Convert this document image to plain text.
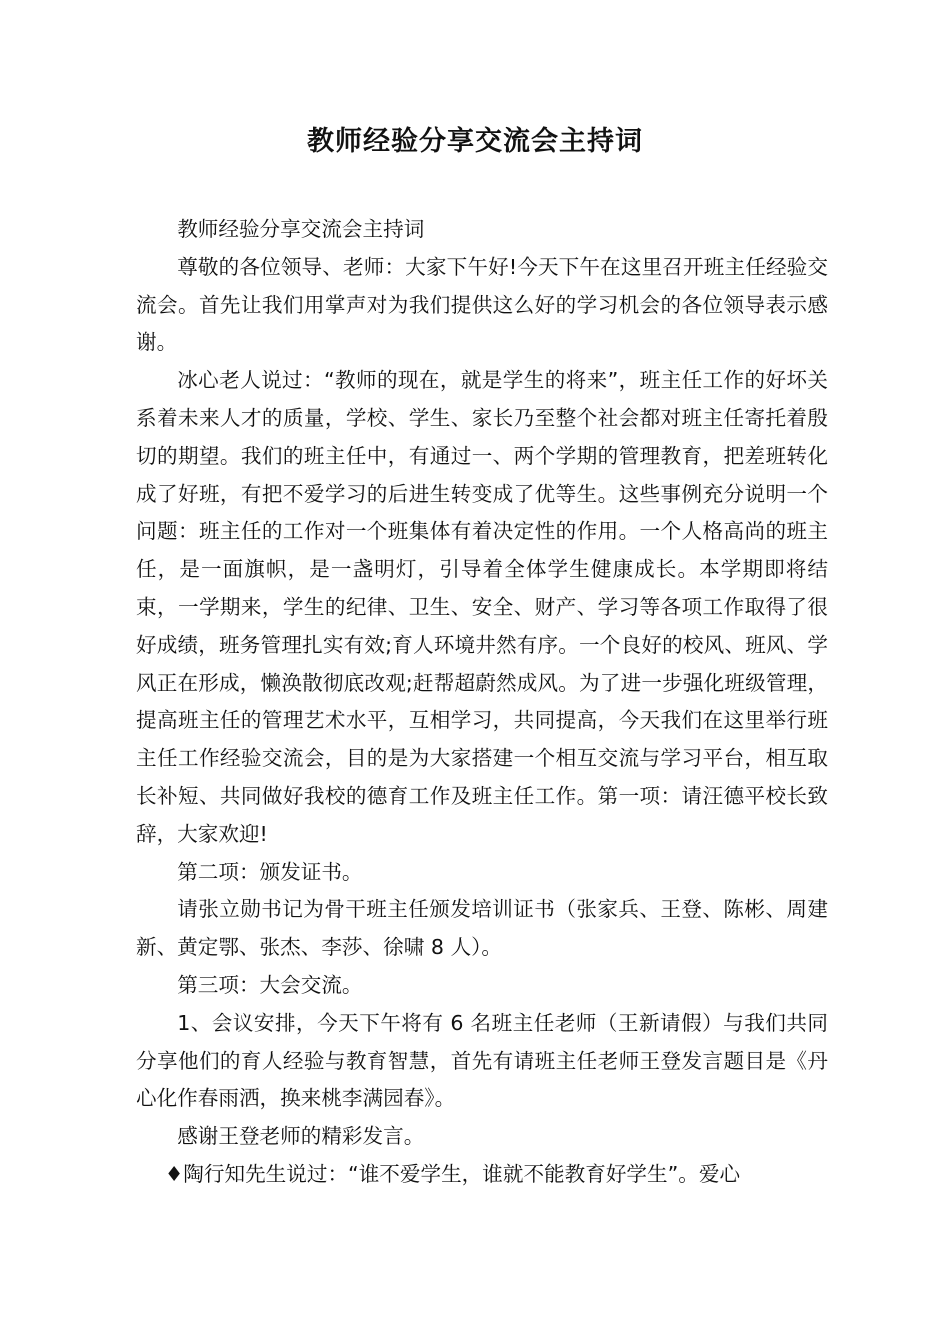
教师经验分享交流会主持词

教师经验分享交流会主持词

尊敬的各位领导、老师：大家下午好!今天下午在这里召开班主任经验交流会。首先让我们用掌声对为我们提供这么好的学习机会的各位领导表示感谢。

冰心老人说过：“教师的现在，就是学生的将来”，班主任工作的好坏关系着未来人才的质量，学校、学生、家长乃至整个社会都对班主任寄托着殷切的期望。我们的班主任中，有通过一、两个学期的管理教育，把差班转化成了好班，有把不爱学习的后进生转变成了优等生。这些事例充分说明一个问题：班主任的工作对一个班集体有着决定性的作用。一个人格高尚的班主任，是一面旗帜，是一盏明灯，引导着全体学生健康成长。本学期即将结束，一学期来，学生的纪律、卫生、安全、财产、学习等各项工作取得了很好成绩，班务管理扎实有效;育人环境井然有序。一个良好的校风、班风、学风正在形成，懒涣散彻底改观;赶帮超蔚然成风。为了进一步强化班级管理，提高班主任的管理艺术水平，互相学习，共同提高，今天我们在这里举行班主任工作经验交流会，目的是为大家搭建一个相互交流与学习平台，相互取长补短、共同做好我校的德育工作及班主任工作。第一项：请汪德平校长致辞，大家欢迎!

第二项：颁发证书。

请张立勋书记为骨干班主任颁发培训证书（张家兵、王登、陈彬、周建新、黄定鄂、张杰、李莎、徐啸 8 人）。

第三项：大会交流。

1、会议安排，今天下午将有 6 名班主任老师（王新请假）与我们共同分享他们的育人经验与教育智慧，首先有请班主任老师王登发言题目是《丹心化作春雨洒，换来桃李满园春》。

感谢王登老师的精彩发言。

♦陶行知先生说过：“谁不爱学生，谁就不能教育好学生”。爱心
